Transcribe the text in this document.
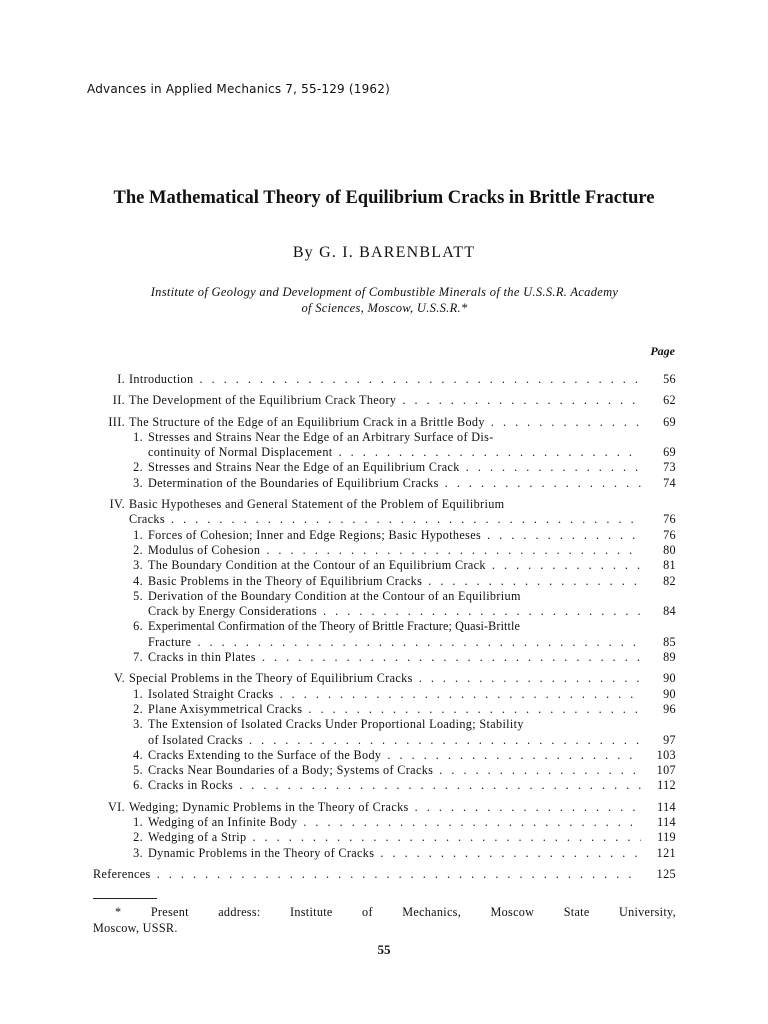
Advances in Applied Mechanics 7, 55-129 (1962)
The Mathematical Theory of Equilibrium Cracks in Brittle Fracture
By G. I. BARENBLATT
Institute of Geology and Development of Combustible Minerals of the U.S.S.R. Academy
of Sciences, Moscow, U.S.S.R.*
Page
I. Introduction . . .	56
II. The Development of the Equilibrium Crack Theory . . .	62
III. The Structure of the Edge of an Equilibrium Crack in a Brittle Body . . .	69
1. Stresses and Strains Near the Edge of an Arbitrary Surface of Dis-
continuity of Normal Displacement . . .	69
2. Stresses and Strains Near the Edge of an Equilibrium Crack . . .	73
3. Determination of the Boundaries of Equilibrium Cracks . . .	74
IV. Basic Hypotheses and General Statement of the Problem of Equilibrium
Cracks . . .	76
1. Forces of Cohesion; Inner and Edge Regions; Basic Hypotheses . . .	76
2. Modulus of Cohesion . . .	80
3. The Boundary Condition at the Contour of an Equilibrium Crack . . .	81
4. Basic Problems in the Theory of Equilibrium Cracks . . .	82
5. Derivation of the Boundary Condition at the Contour of an Equilibrium
Crack by Energy Considerations . . .	84
6. Experimental Confirmation of the Theory of Brittle Fracture; Quasi-Brittle
Fracture . . .	85
7. Cracks in thin Plates . . .	89
V. Special Problems in the Theory of Equilibrium Cracks . . .	90
1. Isolated Straight Cracks . . .	90
2. Plane Axisymmetrical Cracks . . .	96
3. The Extension of Isolated Cracks Under Proportional Loading; Stability
of Isolated Cracks . . .	97
4. Cracks Extending to the Surface of the Body . . .	103
5. Cracks Near Boundaries of a Body; Systems of Cracks . . .	107
6. Cracks in Rocks . . .	112
VI. Wedging; Dynamic Problems in the Theory of Cracks . . .	114
1. Wedging of an Infinite Body . . .	114
2. Wedging of a Strip . . .	119
3. Dynamic Problems in the Theory of Cracks . . .	121
References . . .	125
* Present address: Institute of Mechanics, Moscow State University,
Moscow, USSR.
55
